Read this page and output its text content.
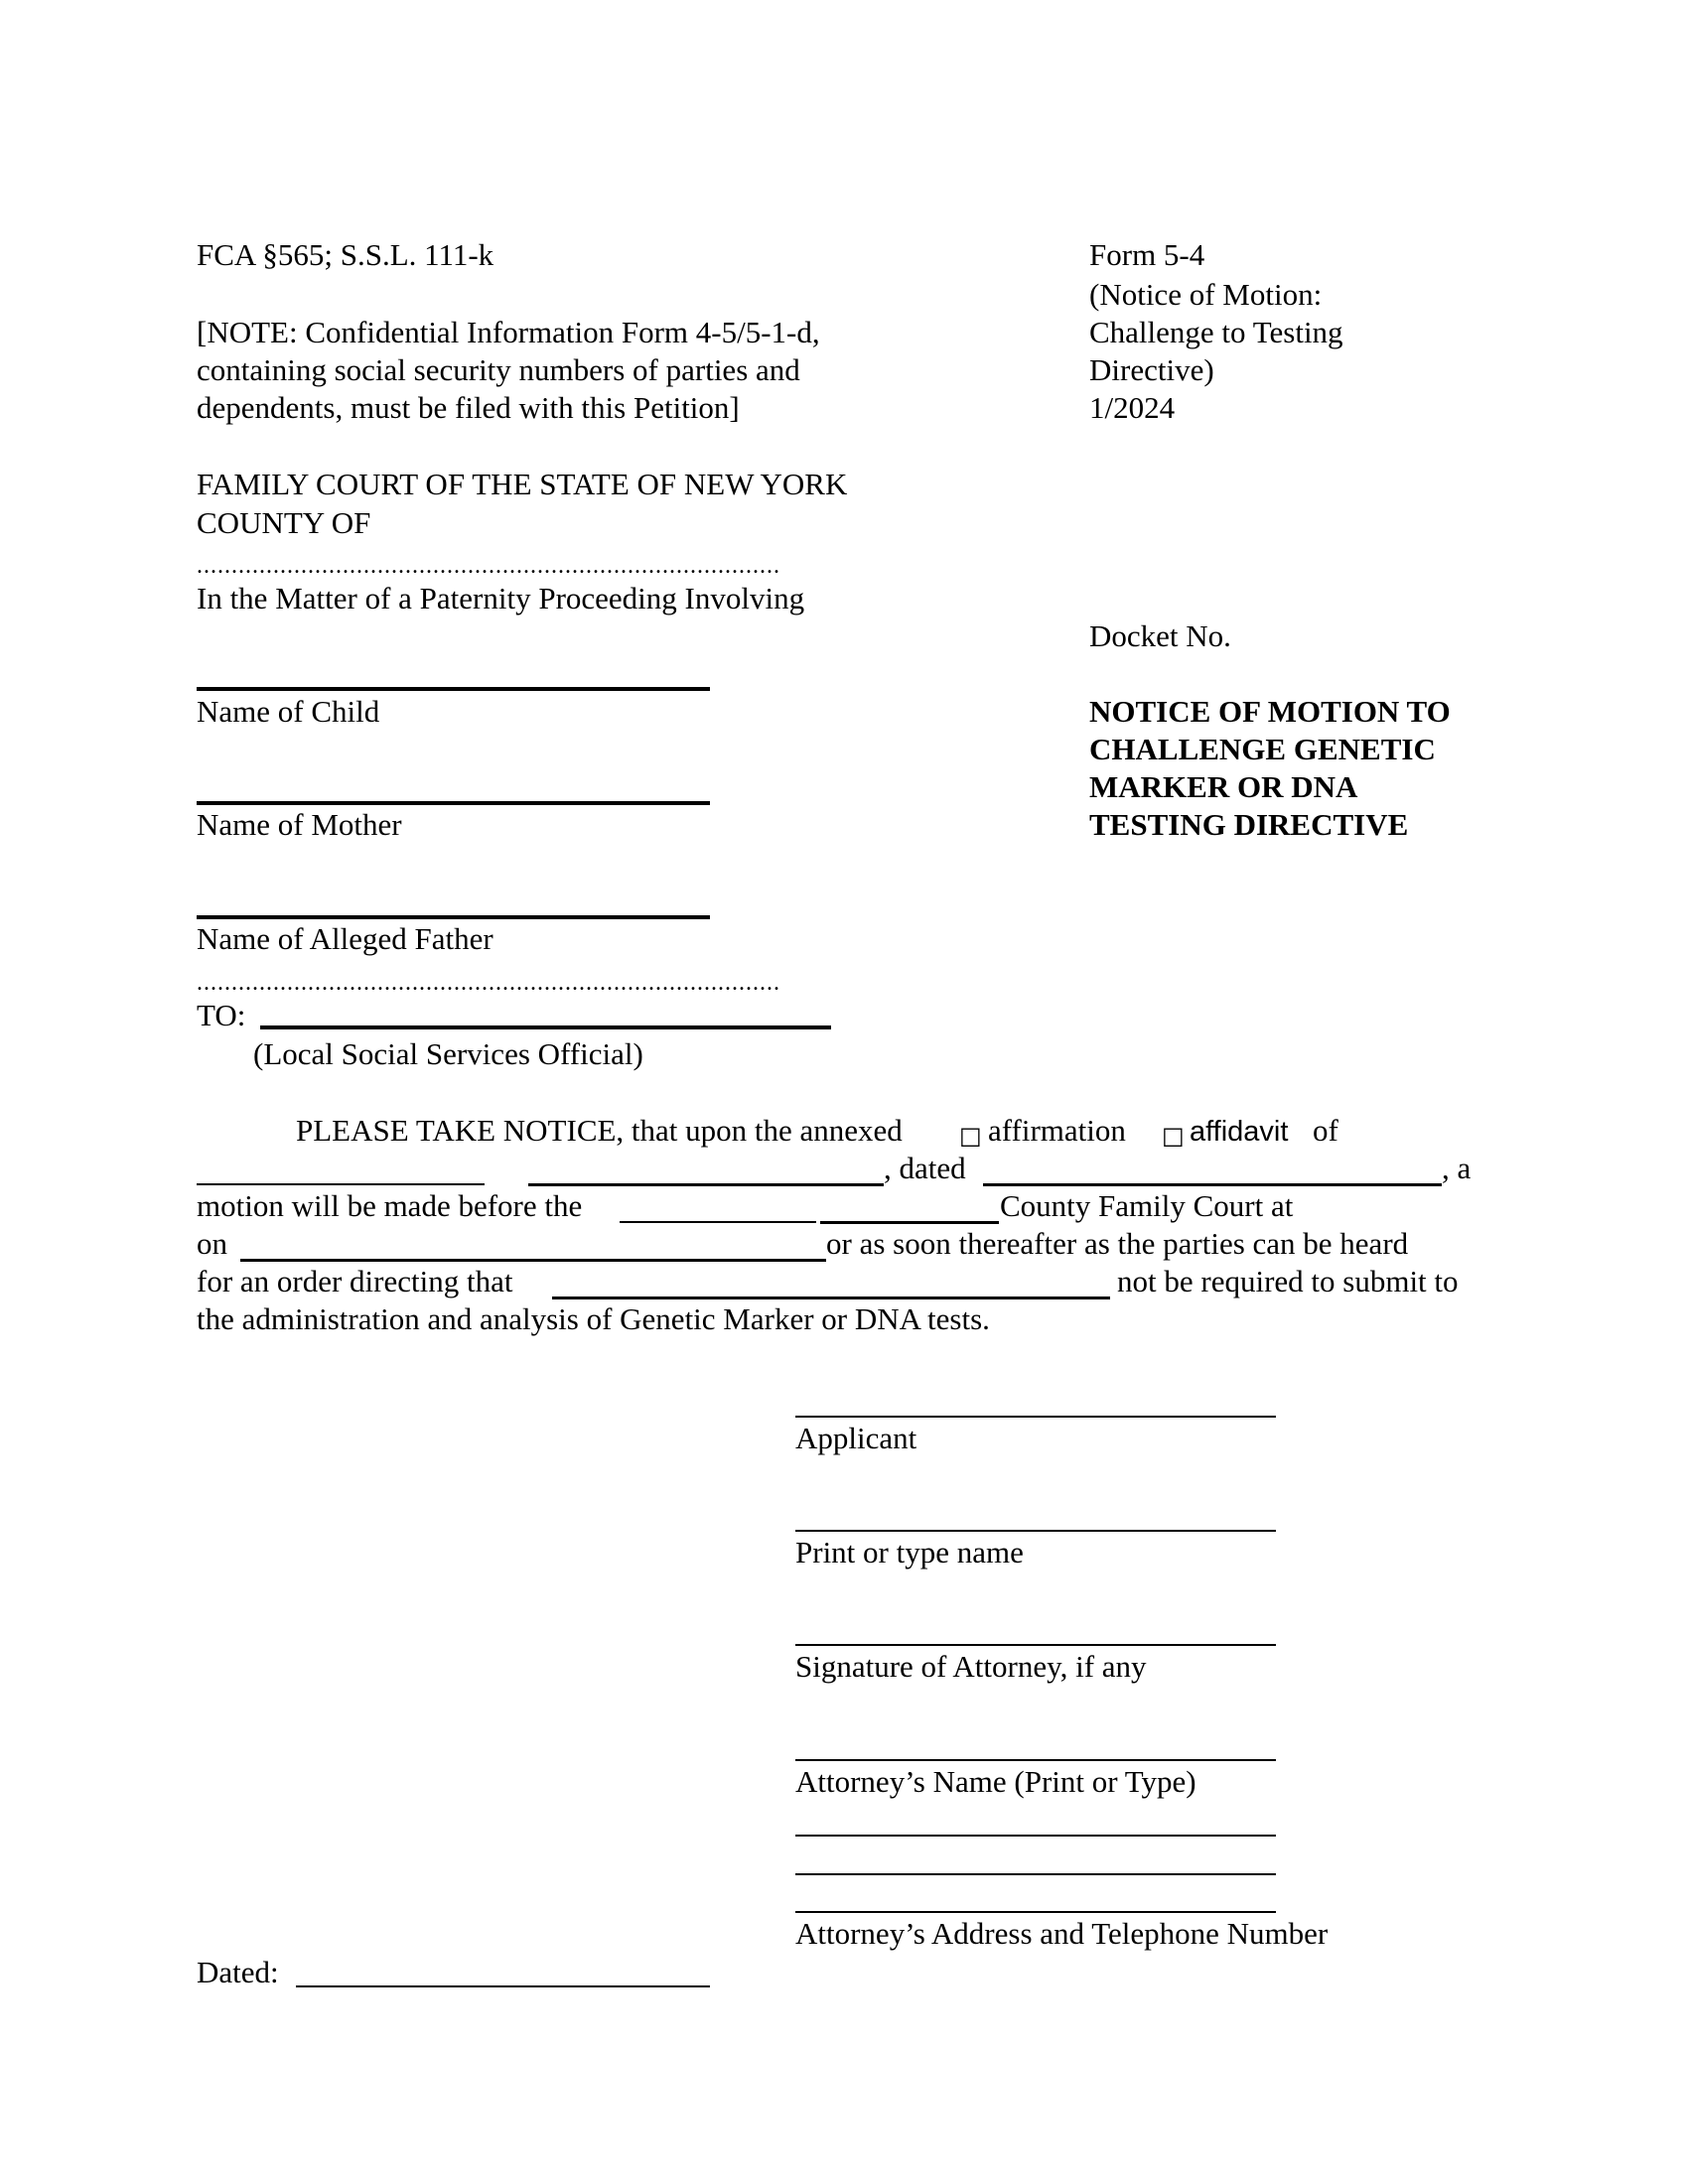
FCA §565; S.S.L. 111-k
[NOTE: Confidential Information Form 4-5/5-1-d,
containing social security numbers of parties and
dependents, must be filed with this Petition]
Form 5-4
(Notice of Motion:
Challenge to Testing
Directive)
1/2024
FAMILY COURT OF THE STATE OF NEW YORK
COUNTY OF
....................................................................................
In the Matter of a Paternity Proceeding Involving
Docket No.
Name of Child
Name of Mother
Name of Alleged Father
NOTICE OF MOTION TO
CHALLENGE GENETIC
MARKER OR DNA
TESTING DIRECTIVE
....................................................................................
TO:
(Local Social Services Official)
PLEASE TAKE NOTICE, that upon the annexed □ affirmation □ affidavit of
, dated	, a
motion will be made before the	County Family Court at
on	or as soon thereafter as the parties can be heard
for an order directing that	not be required to submit to
the administration and analysis of Genetic Marker or DNA tests.
Applicant
Print or type name
Signature of Attorney, if any
Attorney’s Name (Print or Type)
Attorney’s Address and Telephone Number
Dated:
